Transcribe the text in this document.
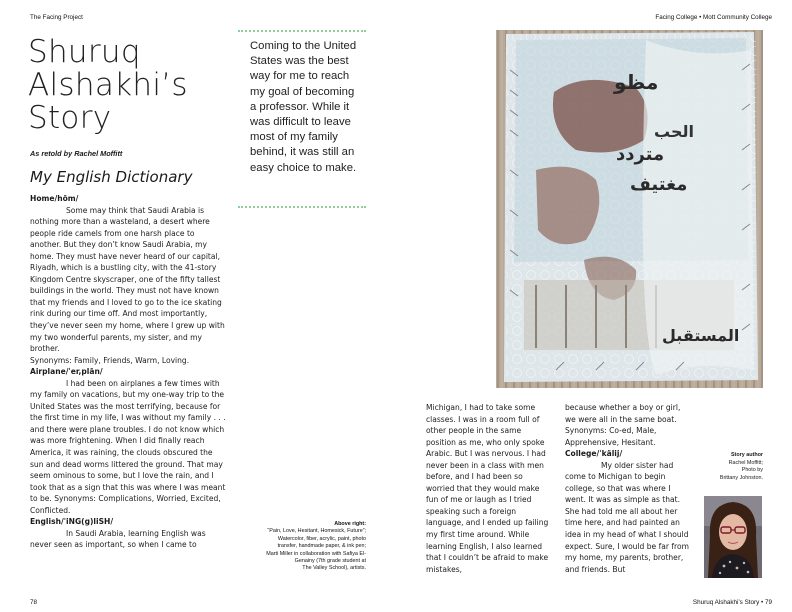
The Facing Project	Facing College • Mott Community College
Shuruq
Alshakhi’s
Story
As retold by Rachel Moffitt
My English Dictionary

Home/hōm/

Some may think that Saudi Arabia is nothing more than a wasteland, a desert where people ride camels from one harsh place to another. But they don’t know Saudi Arabia, my home. They must have never heard of our capital, Riyadh, which is a bustling city, with the 41-story Kingdom Centre skyscraper, one of the fifty tallest buildings in the world. They must not have known that my friends and I loved to go to the ice skating rink during our time off. And most importantly, they’ve never seen my home, where I grew up with my two wonderful parents, my sister, and my brother.

Synonyms: Family, Friends, Warm, Loving.

Airplane/ˈer,plān/

I had been on airplanes a few times with my family on vacations, but my one-way trip to the United States was the most terrifying, because for the first time in my life, I was without my family . . . and there were plane troubles. I do not know which was more frightening. When I did finally reach America, it was raining, the clouds obscured the sun and dead worms littered the ground. That may seem ominous to some, but I love the rain, and I took that as a sign that this was where I was meant to be. Synonyms: Complications, Worried, Excited, Conflicted.

English/ˈiNG(g)liSH/

In Saudi Arabia, learning English was never seen as important, so when I came to

Coming to the United States was the best way for me to reach my goal of becoming a professor. While it was difficult to leave most of my family behind, it was still an easy choice to make.

Above right:
“Pain, Love, Hesitant, Homesick, Future”;
Watercolor, fiber, acrylic, paint, photo
transfer, handmade paper, & ink pen;
Marti Miller in collaboration with Safiya El-
Genainy (7th grade student at
The Valley School), artists.
مظو
الحب
متردد
مغتيف
المستقبل

Michigan, I had to take some classes. I was in a room full of other people in the same position as me, who only spoke Arabic. But I was nervous. I had never been in a class with men before, and I had been so worried that they would make fun of me or laugh as I tried speaking such a foreign language, and I ended up failing my first time around. While learning English, I also learned that I couldn’t be afraid to make mistakes,

because whether a boy or girl, we were all in the same boat. Synonyms: Co-ed, Male, Apprehensive, Hesitant.

College/ˈkälij/

My older sister had come to Michigan to begin college, so that was where I went. It was as simple as that. She had told me all about her time here, and had painted an idea in my head of what I should expect. Sure, I would be far from my home, my parents, brother, and friends. But

Story author
Rachel Moffitt;
Photo by
Brittany Johnston.
78	Shuruq Alshakhi’s Story • 79
